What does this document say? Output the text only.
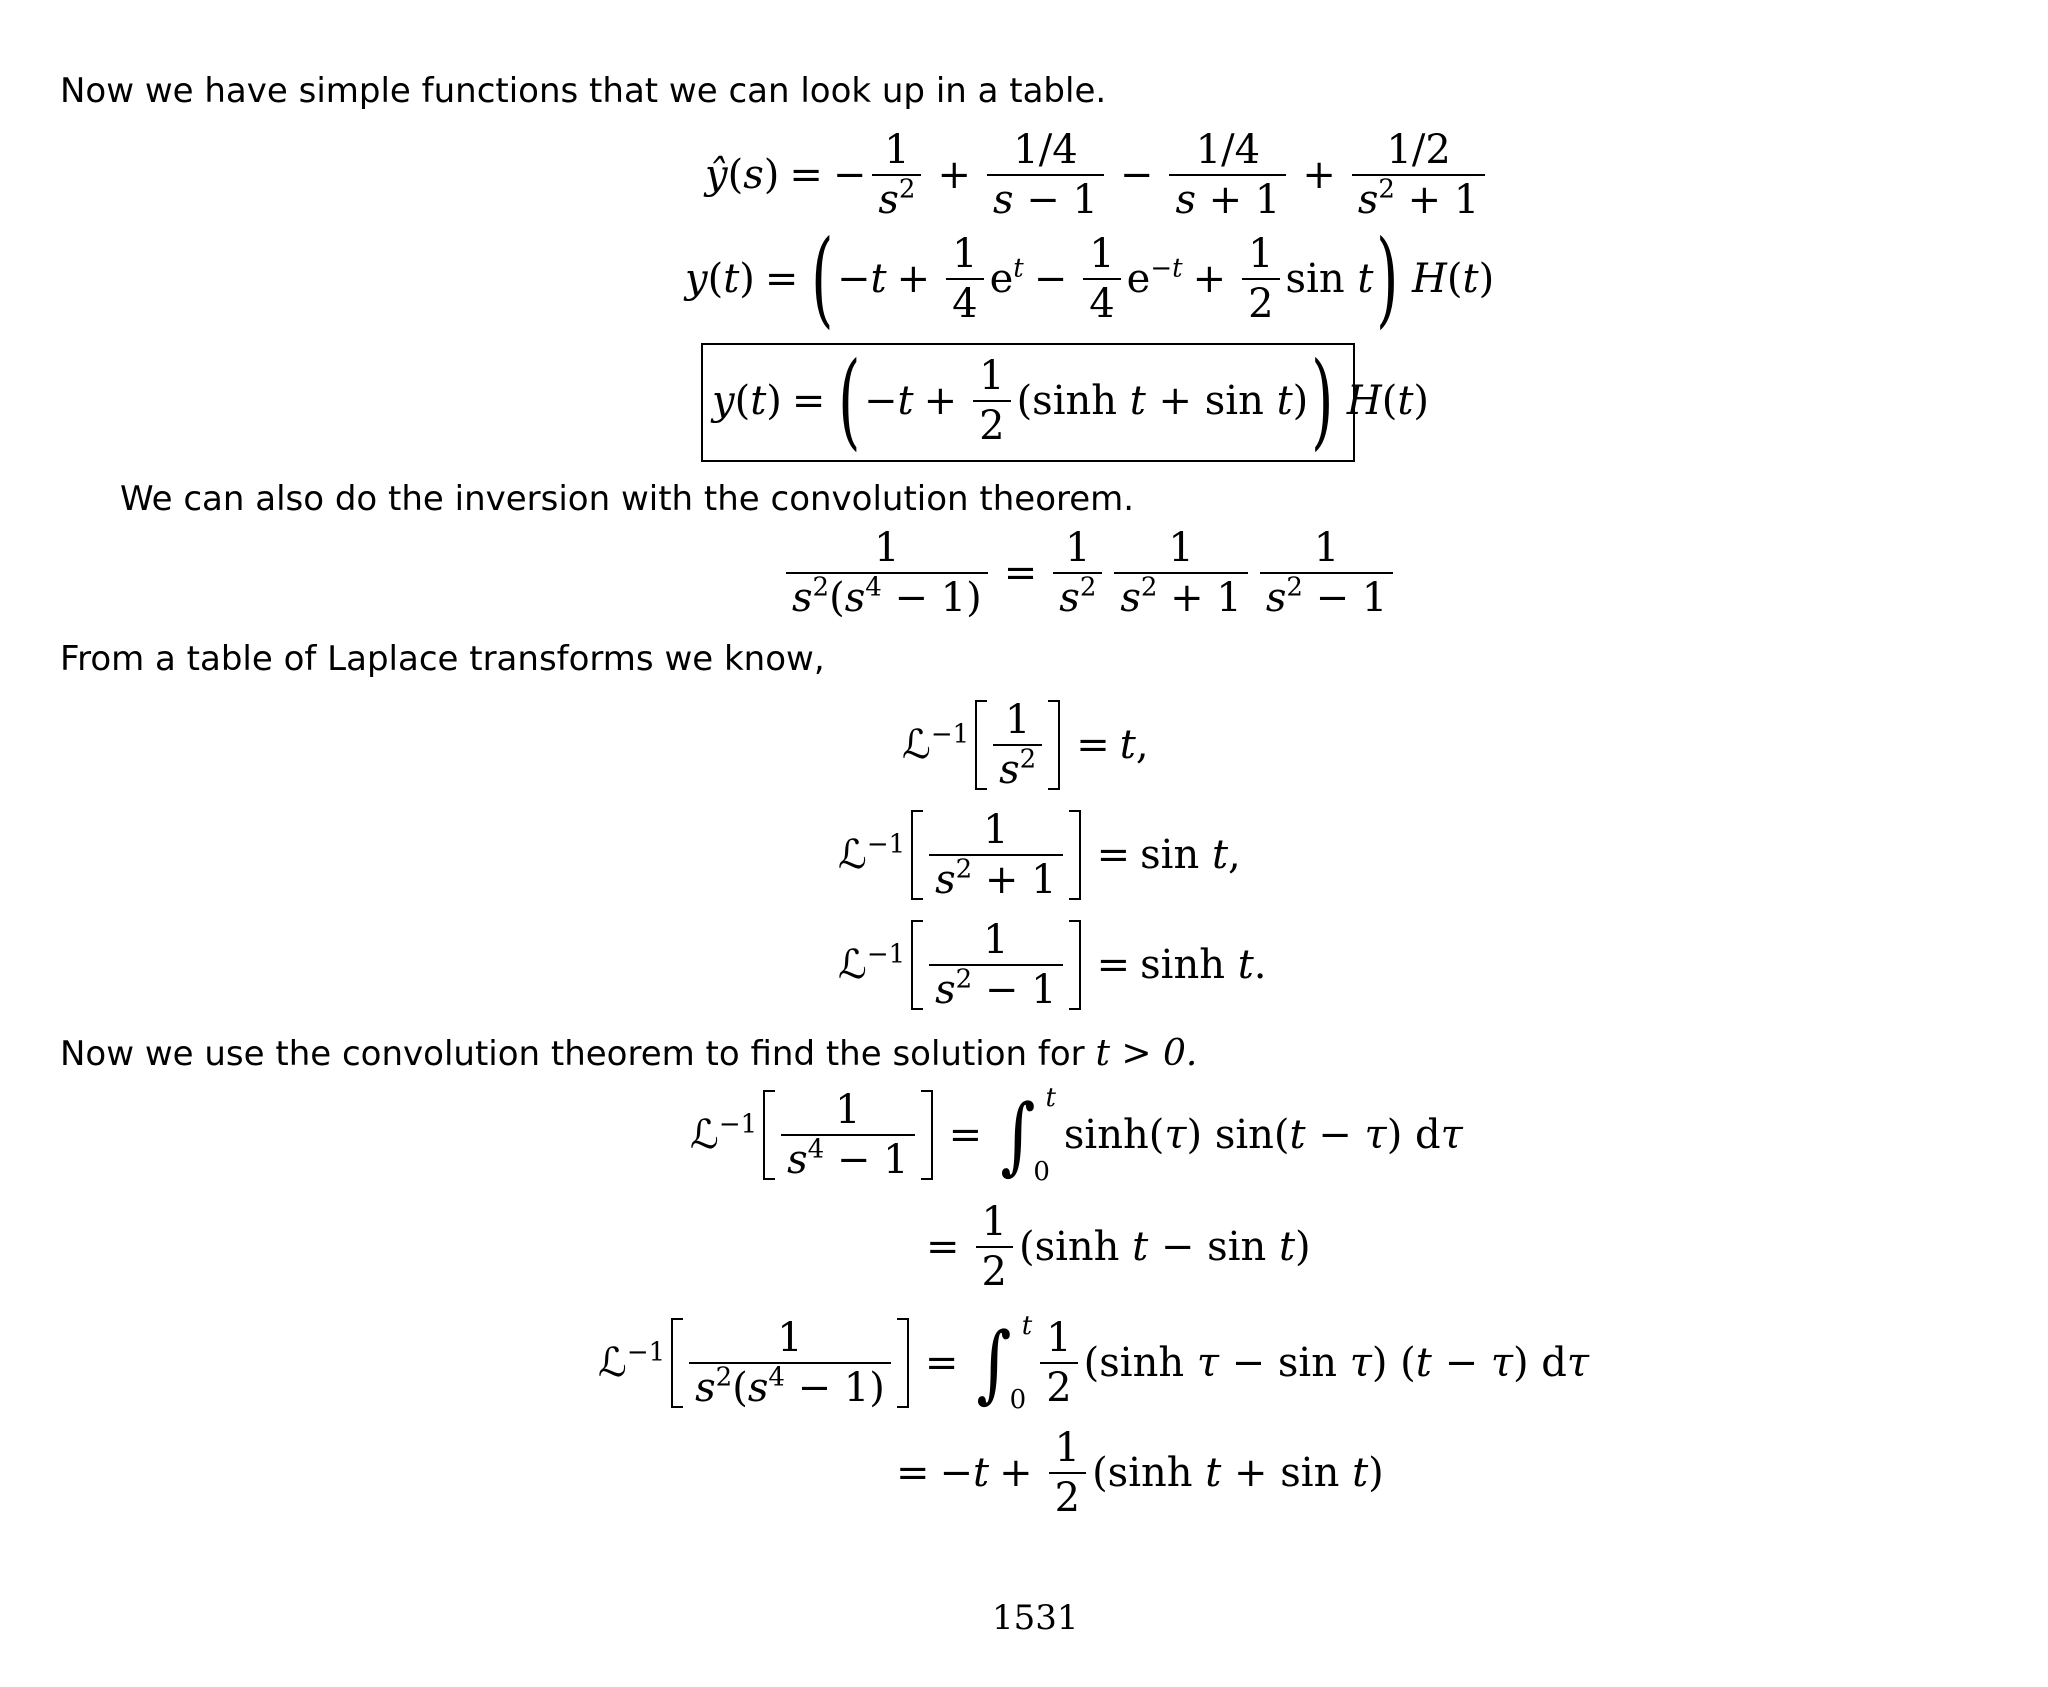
Now we have simple functions that we can look up in a table.
ŷ ( s ) = − $\frac{1}{s^2} + \frac{1/4}{s - 1} - \frac{1/4}{s + 1} + \frac{1/2}{s^2 + 1}$
y ( t ) = ( $-t + \frac{1}{4} e^t - \frac{1}{4} e^{-t} + \frac{1}{2}$ sin t ) H(t)
y ( t ) = ( $-t + \frac{1}{2} (\sinh$ t + sin t) ) H(t)
We can also do the inversion with the convolution theorem.
$\frac{1}{s^2(s^4 - 1)} = \frac{1}{s^2} \frac{1}{s^2 + 1} \frac{1}{s^2 - 1}$
From a table of Laplace transforms we know,
ℒ$^{-1}$ $\frac{1}{s^2} = t$ ,
ℒ$^{-1}$ $\frac{1}{s^2 + 1} = \sin t$,
ℒ$^{-1}$ $\frac{1}{s^2 - 1} = \sinh t$.
Now we use the convolution theorem to find the solution for t > 0.
ℒ$^{-1}$ $\frac{1}{s^4 - 1}$ = ∫ t
0
sinh(τ) sin(t − τ) dτ
= $\frac{1}{2} (\sinh$ t − sin t)
ℒ$^{-1}$ $\frac{1}{s^2(s^4 - 1)}$ = ∫ t
$0 \frac{1}{2} (\sinh$ τ − sin τ) (t − τ) dτ
= $-t + \frac{1}{2} (\sinh$ t + sin t)
1531
